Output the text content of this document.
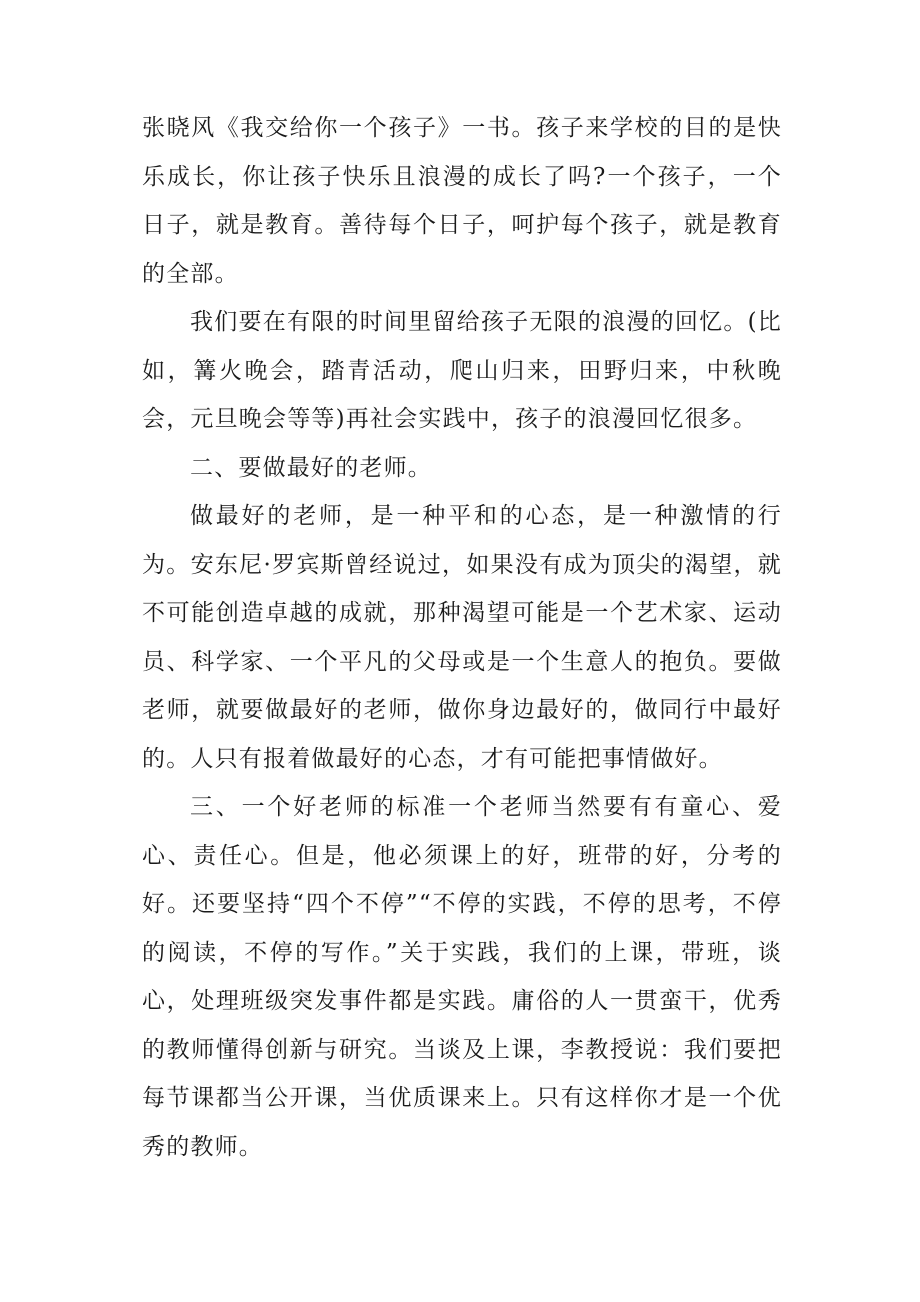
张晓风《我交给你一个孩子》一书。孩子来学校的目的是快乐成长，你让孩子快乐且浪漫的成长了吗?一个孩子，一个日子，就是教育。善待每个日子，呵护每个孩子，就是教育的全部。

我们要在有限的时间里留给孩子无限的浪漫的回忆。(比如，篝火晚会，踏青活动，爬山归来，田野归来，中秋晚会，元旦晚会等等)再社会实践中，孩子的浪漫回忆很多。

二、要做最好的老师。

做最好的老师，是一种平和的心态，是一种激情的行为。安东尼·罗宾斯曾经说过，如果没有成为顶尖的渴望，就不可能创造卓越的成就，那种渴望可能是一个艺术家、运动员、科学家、一个平凡的父母或是一个生意人的抱负。要做老师，就要做最好的老师，做你身边最好的，做同行中最好的。人只有报着做最好的心态，才有可能把事情做好。

三、一个好老师的标准一个老师当然要有有童心、爱心、责任心。但是，他必须课上的好，班带的好，分考的好。还要坚持“四个不停”“不停的实践，不停的思考，不停的阅读，不停的写作。”关于实践，我们的上课，带班，谈心，处理班级突发事件都是实践。庸俗的人一贯蛮干，优秀的教师懂得创新与研究。当谈及上课，李教授说：我们要把每节课都当公开课，当优质课来上。只有这样你才是一个优秀的教师。
